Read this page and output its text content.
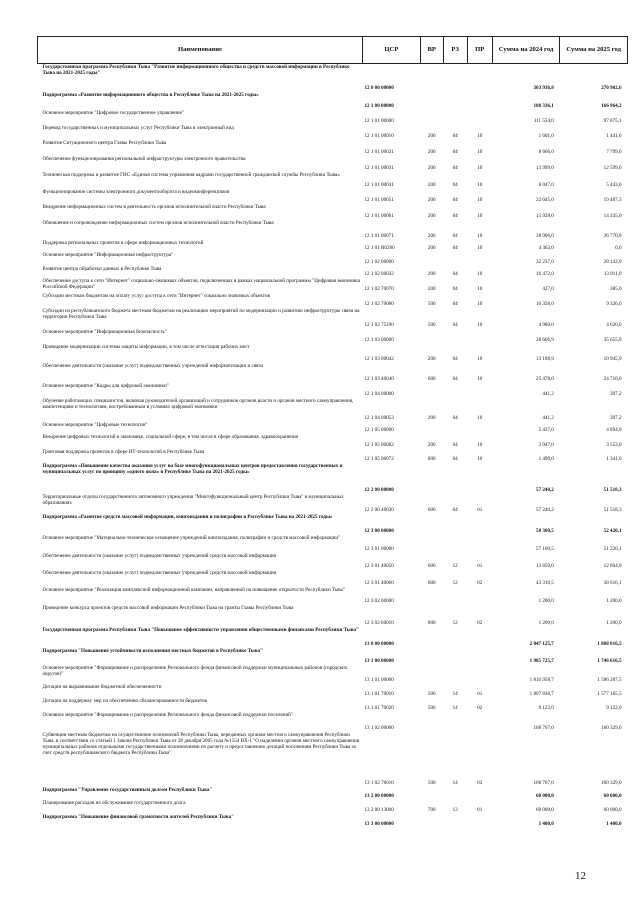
Наименование	ЦСР	ВР	РЗ	ПР	Сумма на 2024 год	Сумма на 2025 год
Государственная программа Республики Тыва "Развитие информационного общества и средств массовой информации в Республике Тыва на 2021-2025 годы"	12 0 00 00000				303 936,8	270 902,6
Подпрограмма «Развитие информационного общества в Республике Тыва на 2021-2025 годы»	12 1 00 00000				188 336,1	166 964,2
Основное мероприятие "Цифровое государственное управление"	12 1 01 00000				111 554,0	97 875,1
Перевод государственных и муниципальных услуг Республики Тыва в электронный вид	12 1 01 00010	200	04	10	1 601,0	1 441,0
Развитие Ситуационного центра Главы Республики Тыва	12 1 01 00021	200	04	10	8 666,0	7 799,0
Обеспечение функционирования региональной инфраструктуры электронного правительства	12 1 01 00031	200	04	10	13 999,0	12 599,0
Техническая поддержка и развитие ГИС «Единая система управления кадрами государственной гражданской службы Республики Тыва»	12 1 01 00041	200	04	10	6 047,0	5 443,0
Функционирование системы электронного документооборота и видеоконференцсвязи	12 1 01 00051	200	04	10	22 045,0	19 487,3
Внедрение информационных систем в деятельность органов исполнительной власти Республики Тыва	12 1 01 00061	200	04	10	15 928,0	14 335,0
Обновление и сопровождение информационных систем органов исполнительной власти Республики Тыва	12 1 01 00071	200	04	10	38 906,0	36 770,8
Поддержка региональных проектов в сфере информационных технологий	12 1 01 R0280	200	04	10	4 362,0	0,0
Основное мероприятие "Информационная инфраструктура"	12 1 02 00000				32 237,0	28 142,0
Развитие центра обработки данных в Республике Тыва	12 1 02 00032	200	04	10	16 472,0	13 811,0
Обеспечение доступа к сети "Интернет" социально-значимых объектов, подключенных в рамках национальной программы "Цифровая экономика Российской Федерации"	12 1 02 70070	200	04	10	427,0	385,0
Субсидии местным бюджетам на оплату услуг доступа к сети "Интернет" социально значимых объектов	12 1 02 70080	500	04	10	10 358,0	9 326,0
Субсидии из республиканского бюджета местным бюджетам на реализацию мероприятий по модернизации и развитию инфраструктуры связи на территории Республики Тыва	12 1 02 75190	500	04	10	4 980,0	4 620,0
Основное мероприятие "Информационная безопасность"	12 1 03 00000				38 666,9	35 655,9
Проведение модернизации системы защиты информации, в том числе аттестация рабочих мест	12 1 03 00042	200	04	10	13 188,9	10 945,9
Обеспечение деятельности (оказание услуг) подведомственных учреждений информатизации и связи	12 1 03 40040	600	04	10	25 478,0	24 710,0
Основное мероприятие "Кадры для цифровой экономики"	12 1 04 00000				441,2	397,2
Обучение работающих специалистов, включая руководителей организаций и сотрудников органов власти и органов местного самоуправления, компетенциям и технологиям, востребованным в условиях цифровой экономики	12 1 04 00053	200	04	10	441,2	397,2
Основное мероприятие "Цифровые технологии"	12 1 05 00000				5 437,0	4 894,0
Внедрение цифровых технологий в экономике, социальной сфере, в том числе в сфере образования, здравоохранения	12 1 05 00062	200	04	10	3 947,0	3 553,0
Грантовая поддержка проектов в сфере ИТ-технологий в Республике Тыва	12 1 05 00072	800	04	10	1 490,0	1 341,0
Подпрограмма «Повышение качества оказания услуг на базе многофункциональных центров предоставления государственных и муниципальных услуг по принципу «одного окна» в Республике Тыва на 2021-2025 годы»	12 2 00 00000				57 240,2	51 518,3
Территориальные отделы государственного автономного учреждения "Многофункциональный центр Республики Тыва" в муниципальных образованиях	12 2 00 40030	600	04	01	57 240,2	51 518,3
Подпрограмма «Развитие средств массовой информации, книгоиздания и полиграфии в Республике Тыва на 2021-2025 годы»	12 3 00 00000				58 360,5	52 420,1
Основное мероприятие "Материально-техническое оснащение учреждений книгоиздания, полиграфии и средств массовой информации"	12 3 01 00000				57 160,5	51 220,1
Обеспечение деятельности (оказание услуг) подведомственных учреждений средств массовой информации	12 3 01 40050	600	12	01	13 850,0	12 604,0
Обеспечение деятельности (оказание услуг) подведомственных учреждений средств массовой информации	12 3 01 40060	600	12	02	43 310,5	38 616,1
Основное мероприятие "Реализация комплексной информационной кампании, направленной на повышение открытости Республики Тыва"	12 3 02 00000				1 200,0	1 200,0
Проведение конкурса проектов средств массовой информации Республики Тыва на гранты Главы Республики Тыва	12 3 02 60010	800	12	02	1 200,0	1 200,0
Государственная программа Республики Тыва "Повышение эффективности управления общественными финансами Республики Тыва"	13 0 00 00000				2 047 125,7	1 808 016,5
Подпрограмма "Повышение устойчивости исполнения местных бюджетов в Республике Тыва"	13 1 00 00000				1 985 725,7	1 746 616,5
Основное мероприятие "Формирование и распределение Регионального фонда финансовой поддержки муниципальных районов (городских округов)"	13 1 01 00000				1 816 958,7	1 586 287,5
Дотации на выравнивание бюджетной обеспеченности	13 1 01 70010	500	14	01	1 807 836,7	1 577 165,5
Дотации на поддержку мер по обеспечению сбалансированности бюджетов	13 1 01 70020	500	14	02	9 122,0	9 122,0
Основное мероприятие "Формирование и распределение Регионального фонда финансовой поддержки поселений"	13 1 02 00000				168 767,0	160 329,0
Субвенции местным бюджетам на осуществление полномочий Республики Тыва, переданных органам местного самоуправления Республики Тыва, в соответствии со статьей 1 Закона Республики Тыва от 28 декабря 2005 года №1554 ВХ-1 "О наделении органов местного самоуправления муниципальных районов отдельными государственными полномочиями по расчету и предоставлению дотаций поселениям Республики Тыва за счет средств республиканского бюджета Республики Тыва"	13 1 02 76010	500	14	03	168 767,0	160 329,0
Подпрограмма "Управление государственным долгом Республики Тыва"	13 2 00 00000				60 000,0	60 000,0
Планирование расходов на обслуживание государственного долга	13 2 00 13000	700	13	01	60 000,0	60 000,0
Подпрограмма "Повышение финансовой грамотности жителей Республики Тыва"	13 3 00 00000				1 400,0	1 400,0
12
